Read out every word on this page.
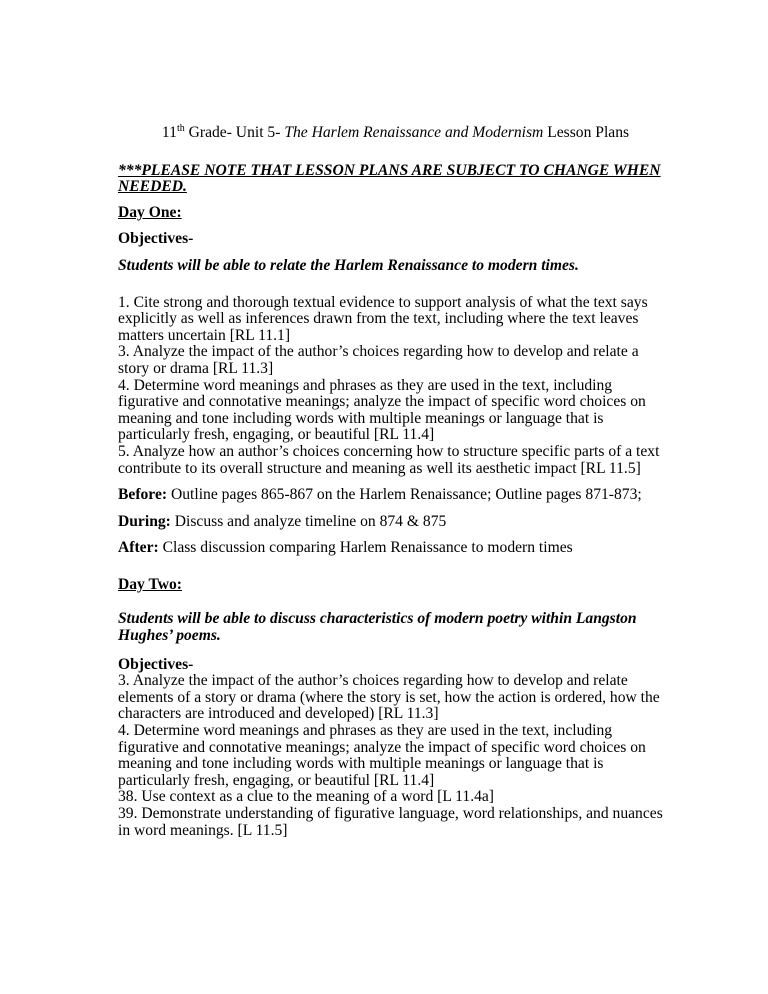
11th Grade- Unit 5- The Harlem Renaissance and Modernism Lesson Plans

***PLEASE NOTE THAT LESSON PLANS ARE SUBJECT TO CHANGE WHEN NEEDED.

Day One:

Objectives-

Students will be able to relate the Harlem Renaissance to modern times.

1. Cite strong and thorough textual evidence to support analysis of what the text says explicitly as well as inferences drawn from the text, including where the text leaves matters uncertain [RL 11.1]

3. Analyze the impact of the author’s choices regarding how to develop and relate a story or drama [RL 11.3]

4. Determine word meanings and phrases as they are used in the text, including figurative and connotative meanings; analyze the impact of specific word choices on meaning and tone including words with multiple meanings or language that is particularly fresh, engaging, or beautiful [RL 11.4]

5. Analyze how an author’s choices concerning how to structure specific parts of a text contribute to its overall structure and meaning as well its aesthetic impact [RL 11.5]

Before: Outline pages 865-867 on the Harlem Renaissance; Outline pages 871-873;

During: Discuss and analyze timeline on 874 & 875

After: Class discussion comparing Harlem Renaissance to modern times

Day Two:

Students will be able to discuss characteristics of modern poetry within Langston Hughes’ poems.

Objectives-

3. Analyze the impact of the author’s choices regarding how to develop and relate elements of a story or drama (where the story is set, how the action is ordered, how the characters are introduced and developed) [RL 11.3]

4. Determine word meanings and phrases as they are used in the text, including figurative and connotative meanings; analyze the impact of specific word choices on meaning and tone including words with multiple meanings or language that is particularly fresh, engaging, or beautiful [RL 11.4]

38. Use context as a clue to the meaning of a word [L 11.4a]

39. Demonstrate understanding of figurative language, word relationships, and nuances in word meanings. [L 11.5]
